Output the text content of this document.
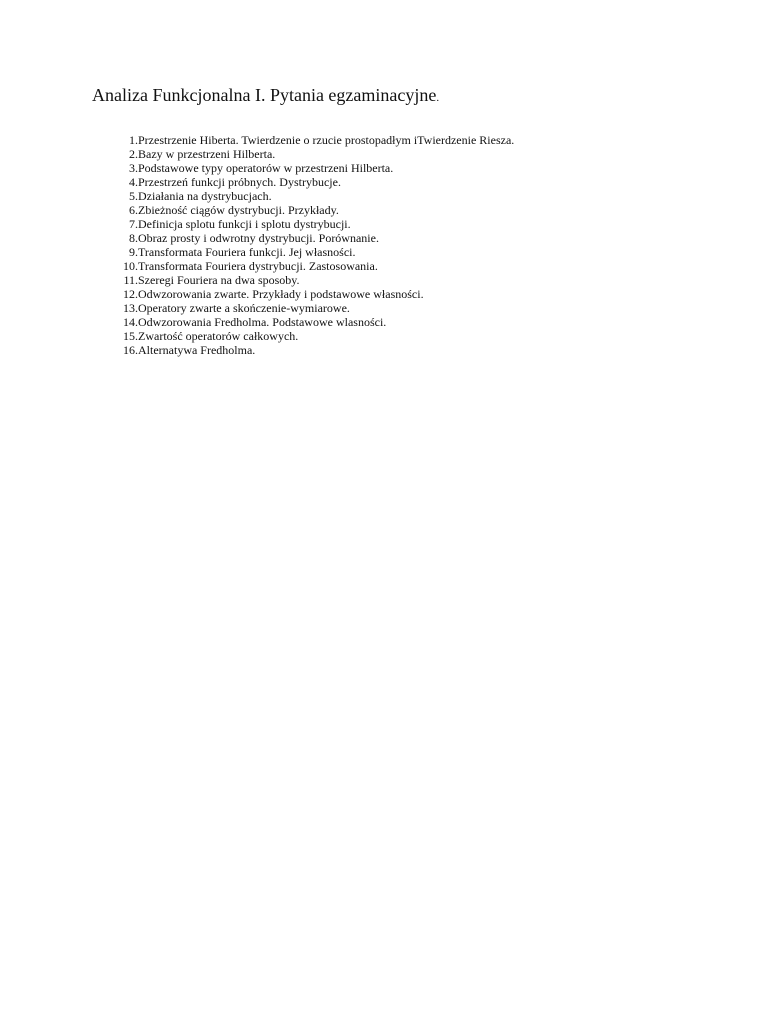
Analiza Funkcjonalna I. Pytania egzaminacyjne.
1. Przestrzenie Hiberta. Twierdzenie o rzucie prostopadłym iTwierdzenie Riesza.
2. Bazy w przestrzeni Hilberta.
3. Podstawowe typy operatorów w przestrzeni Hilberta.
4. Przestrzeń funkcji próbnych. Dystrybucje.
5. Działania na dystrybucjach.
6. Zbieżność ciągów dystrybucji. Przykłady.
7. Definicja splotu funkcji i splotu dystrybucji.
8. Obraz prosty i odwrotny dystrybucji. Porównanie.
9. Transformata Fouriera funkcji. Jej własności.
10. Transformata Fouriera dystrybucji. Zastosowania.
11. Szeregi Fouriera na dwa sposoby.
12. Odwzorowania zwarte. Przykłady i podstawowe własności.
13. Operatory zwarte a skończenie-wymiarowe.
14. Odwzorowania Fredholma. Podstawowe wlasności.
15. Zwartość operatorów całkowych.
16. Alternatywa Fredholma.
